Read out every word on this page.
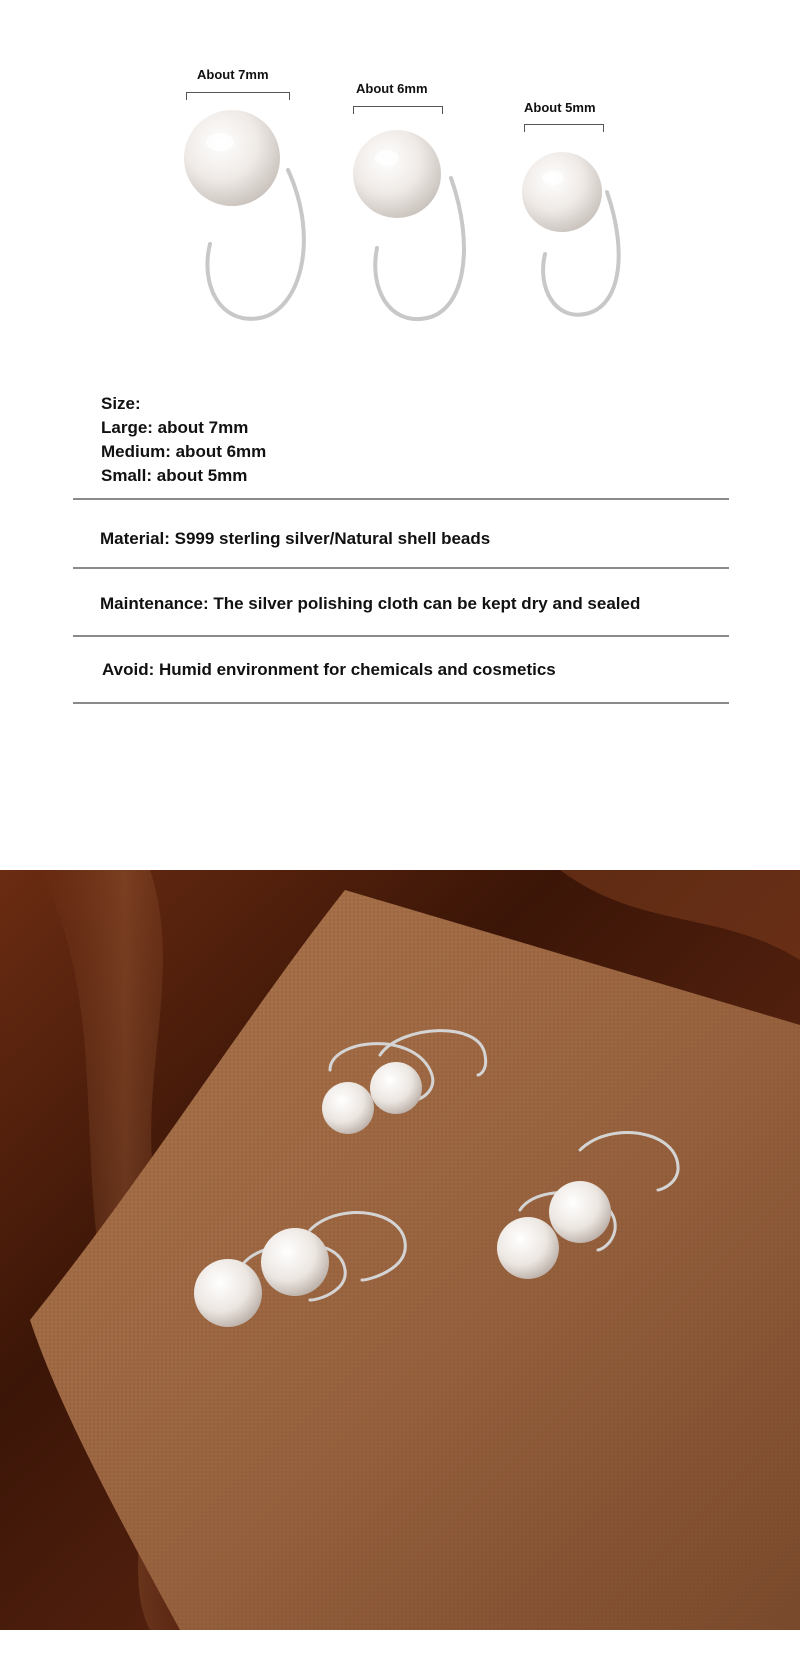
About 7mm
About 6mm
About 5mm
Size:
Large: about 7mm
Medium: about 6mm
Small: about 5mm
Material: S999 sterling silver/Natural shell beads
Maintenance: The silver polishing cloth can be kept dry and sealed
Avoid: Humid environment for chemicals and cosmetics
